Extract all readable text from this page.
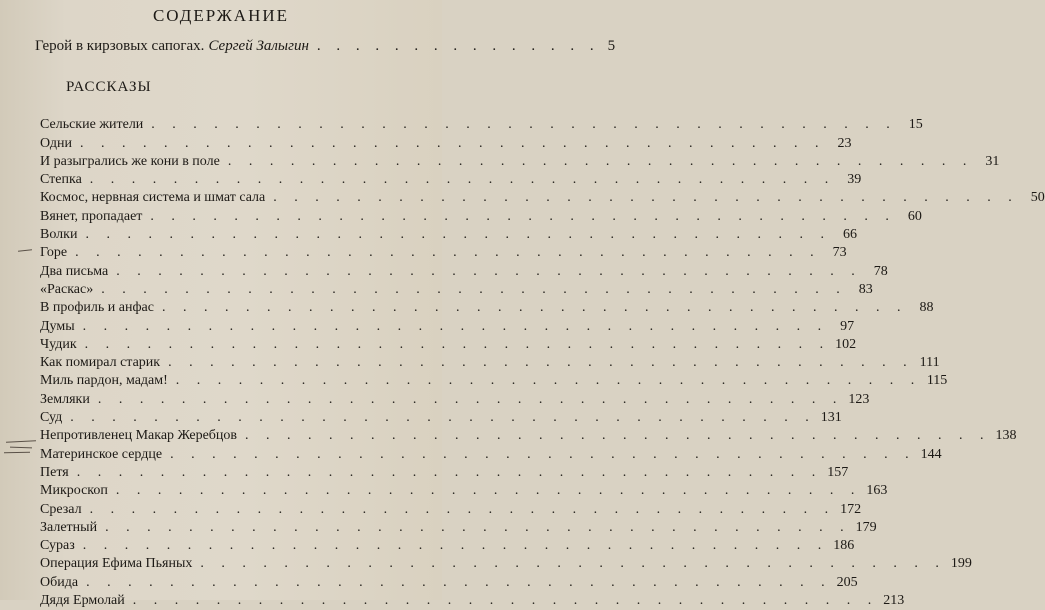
СОДЕРЖАНИЕ
Герой в кирзовых сапогах. Сергей Залыгин . . . . . . . . . . . . . . . 5
РАССКАЗЫ
Сельские жители . . . . . . . . . . . . . . . . . . . . . . . . . . . . . . . . . . . . 15
Одни . . . . . . . . . . . . . . . . . . . . . . . . . . . . . . . . . . . . 23
И разыгрались же кони в поле . . . . . . . . . . . . . . . . . . . . . . . . . . . . . . . . . . . . 31
Степка . . . . . . . . . . . . . . . . . . . . . . . . . . . . . . . . . . . . 39
Космос, нервная система и шмат сала . . . . . . . . . . . . . . . . . . . . . . . . . . . . . . . . . . . . 50
Вянет, пропадает . . . . . . . . . . . . . . . . . . . . . . . . . . . . . . . . . . . . 60
Волки . . . . . . . . . . . . . . . . . . . . . . . . . . . . . . . . . . . . 66
Горе . . . . . . . . . . . . . . . . . . . . . . . . . . . . . . . . . . . . 73
Два письма . . . . . . . . . . . . . . . . . . . . . . . . . . . . . . . . . . . . 78
«Раскас» . . . . . . . . . . . . . . . . . . . . . . . . . . . . . . . . . . . . 83
В профиль и анфас . . . . . . . . . . . . . . . . . . . . . . . . . . . . . . . . . . . . 88
Думы . . . . . . . . . . . . . . . . . . . . . . . . . . . . . . . . . . . . 97
Чудик . . . . . . . . . . . . . . . . . . . . . . . . . . . . . . . . . . . . 102
Как помирал старик . . . . . . . . . . . . . . . . . . . . . . . . . . . . . . . . . . . . 111
Миль пардон, мадам! . . . . . . . . . . . . . . . . . . . . . . . . . . . . . . . . . . . . 115
Земляки . . . . . . . . . . . . . . . . . . . . . . . . . . . . . . . . . . . . 123
Суд . . . . . . . . . . . . . . . . . . . . . . . . . . . . . . . . . . . . 131
Непротивленец Макар Жеребцов . . . . . . . . . . . . . . . . . . . . . . . . . . . . . . . . . . . . 138
Материнское сердце . . . . . . . . . . . . . . . . . . . . . . . . . . . . . . . . . . . . 144
Петя . . . . . . . . . . . . . . . . . . . . . . . . . . . . . . . . . . . . 157
Микроскоп . . . . . . . . . . . . . . . . . . . . . . . . . . . . . . . . . . . . 163
Срезал . . . . . . . . . . . . . . . . . . . . . . . . . . . . . . . . . . . . 172
Залетный . . . . . . . . . . . . . . . . . . . . . . . . . . . . . . . . . . . . 179
Сураз . . . . . . . . . . . . . . . . . . . . . . . . . . . . . . . . . . . . 186
Операция Ефима Пьяных . . . . . . . . . . . . . . . . . . . . . . . . . . . . . . . . . . . . 199
Обида . . . . . . . . . . . . . . . . . . . . . . . . . . . . . . . . . . . . 205
Дядя Ермолай . . . . . . . . . . . . . . . . . . . . . . . . . . . . . . . . . . . . 213
